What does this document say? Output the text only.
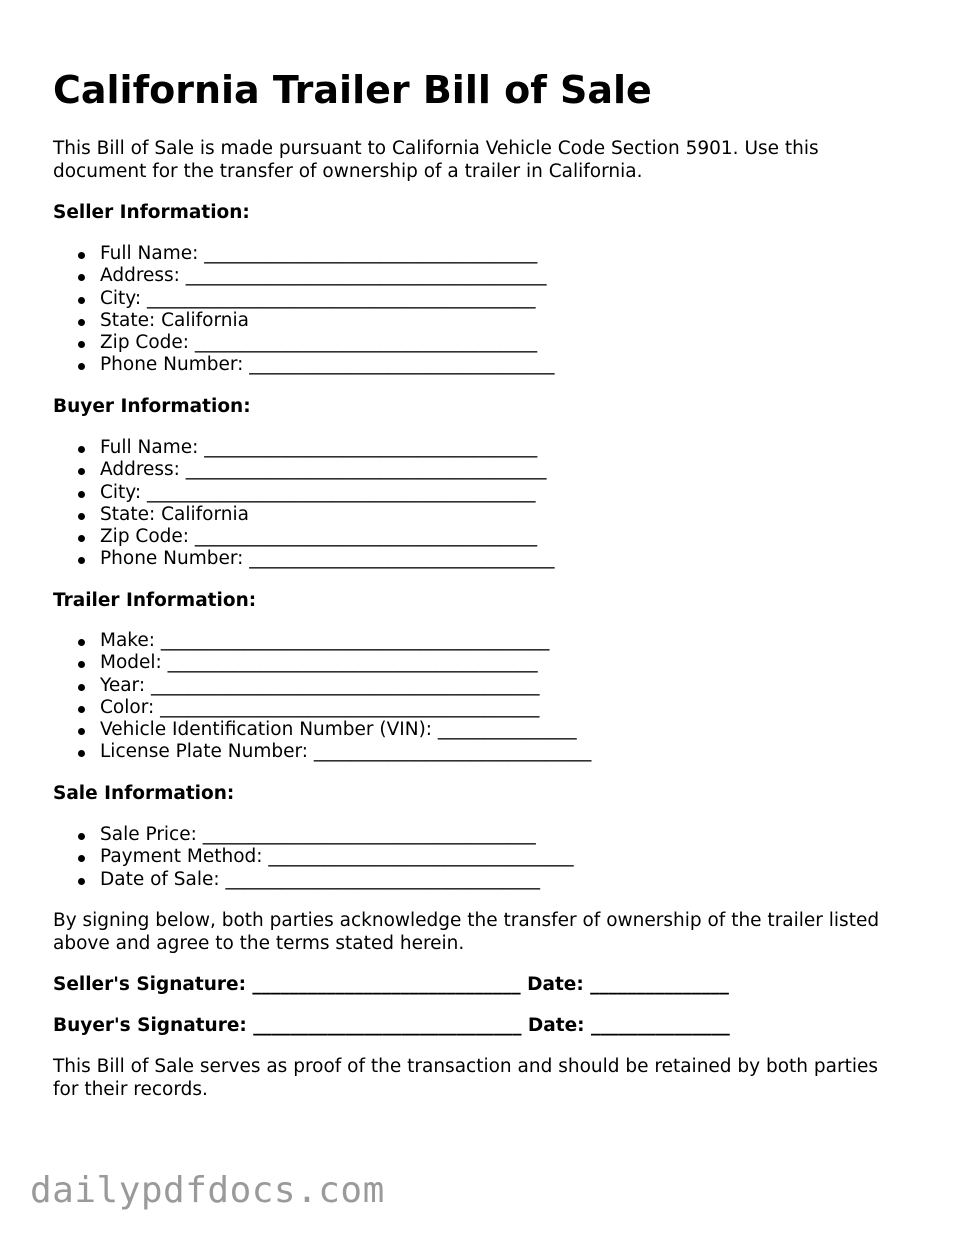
California Trailer Bill of Sale

This Bill of Sale is made pursuant to California Vehicle Code Section 5901. Use this document for the transfer of ownership of a trailer in California.

Seller Information:

Full Name: ____________________________________
Address: _______________________________________
City: __________________________________________
State: California
Zip Code: _____________________________________
Phone Number: _________________________________

Buyer Information:

Full Name: ____________________________________
Address: _______________________________________
City: __________________________________________
State: California
Zip Code: _____________________________________
Phone Number: _________________________________

Trailer Information:

Make: __________________________________________
Model: ________________________________________
Year: __________________________________________
Color: _________________________________________
Vehicle Identification Number (VIN): _______________
License Plate Number: ______________________________

Sale Information:

Sale Price: ____________________________________
Payment Method: _________________________________
Date of Sale: __________________________________

By signing below, both parties acknowledge the transfer of ownership of the trailer listed above and agree to the terms stated herein.

Seller's Signature: _____________________________ Date: _______________

Buyer's Signature: _____________________________ Date: _______________

This Bill of Sale serves as proof of the transaction and should be retained by both parties for their records.

dailypdfdocs.com
